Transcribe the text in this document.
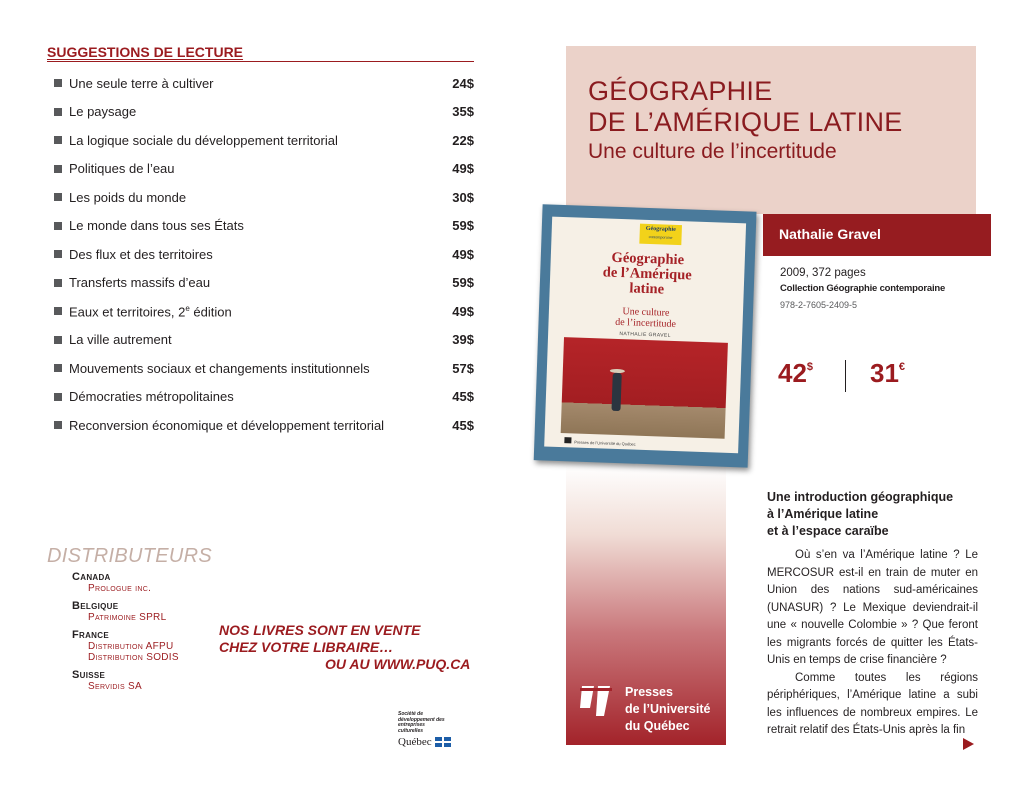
SUGGESTIONS DE LECTURE
Une seule terre à cultiver	24$
Le paysage	35$
La logique sociale du développement territorial	22$
Politiques de l’eau	49$
Les poids du monde	30$
Le monde dans tous ses États	59$
Des flux et des territoires	49$
Transferts massifs d’eau	59$
Eaux et territoires, 2e édition	49$
La ville autrement	39$
Mouvements sociaux et changements institutionnels	57$
Démocraties métropolitaines	45$
Reconversion économique et développement territorial	45$
DISTRIBUTEURS
Canada
Prologue inc.
Belgique
Patrimoine SPRL
France
Distribution AFPU
Distribution SODIS
Suisse
Servidis SA
NOS LIVRES SONT EN VENTE
CHEZ VOTRE LIBRAIRE…
OU AU WWW.PUQ.CA
Société de développement des entreprises culturelles
Québec
GÉOGRAPHIE
DE L’AMÉRIQUE LATINE
Une culture de l’incertitude
Nathalie Gravel
2009, 372 pages
Collection Géographie contemporaine
978-2-7605-2409-5
42$ 31€
Géographie
contemporaine
Géographie
de l’Amérique
latine
Une culture
de l’incertitude
NATHALIE GRAVEL
Presses de l’Université du Québec
Une introduction géographique
à l’Amérique latine
et à l’espace caraïbe

Où s’en va l’Amérique latine ? Le MERCOSUR est-il en train de muter en Union des nations sud-américaines (UNASUR) ? Le Mexique deviendrait-il une « nouvelle Colombie » ? Que feront les migrants forcés de quitter les États-Unis en temps de crise financière ?

Comme toutes les régions périphériques, l’Amérique latine a subi les influences de nombreux empires. Le retrait relatif des États-Unis après la fin

Presses
de l’Université
du Québec
